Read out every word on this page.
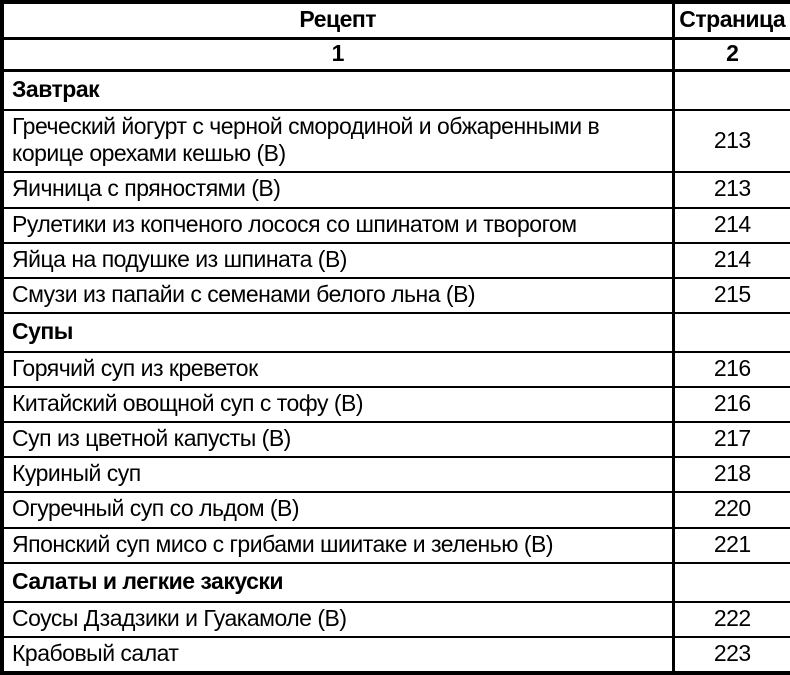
Рецепт	Страница
1	2
Завтрак	
Греческий йогурт с черной смородиной и обжаренными в корице орехами кешью (В)	213
Яичница с пряностями (В)	213
Рулетики из копченого лосося со шпинатом и творогом	214
Яйца на подушке из шпината (В)	214
Смузи из папайи с семенами белого льна (В)	215
Супы	
Горячий суп из креветок	216
Китайский овощной суп с тофу (В)	216
Суп из цветной капусты (В)	217
Куриный суп	218
Огуречный суп со льдом (В)	220
Японский суп мисо с грибами шиитаке и зеленью (В)	221
Салаты и легкие закуски	
Соусы Дзадзики и Гуакамоле (В)	222
Крабовый салат	223
